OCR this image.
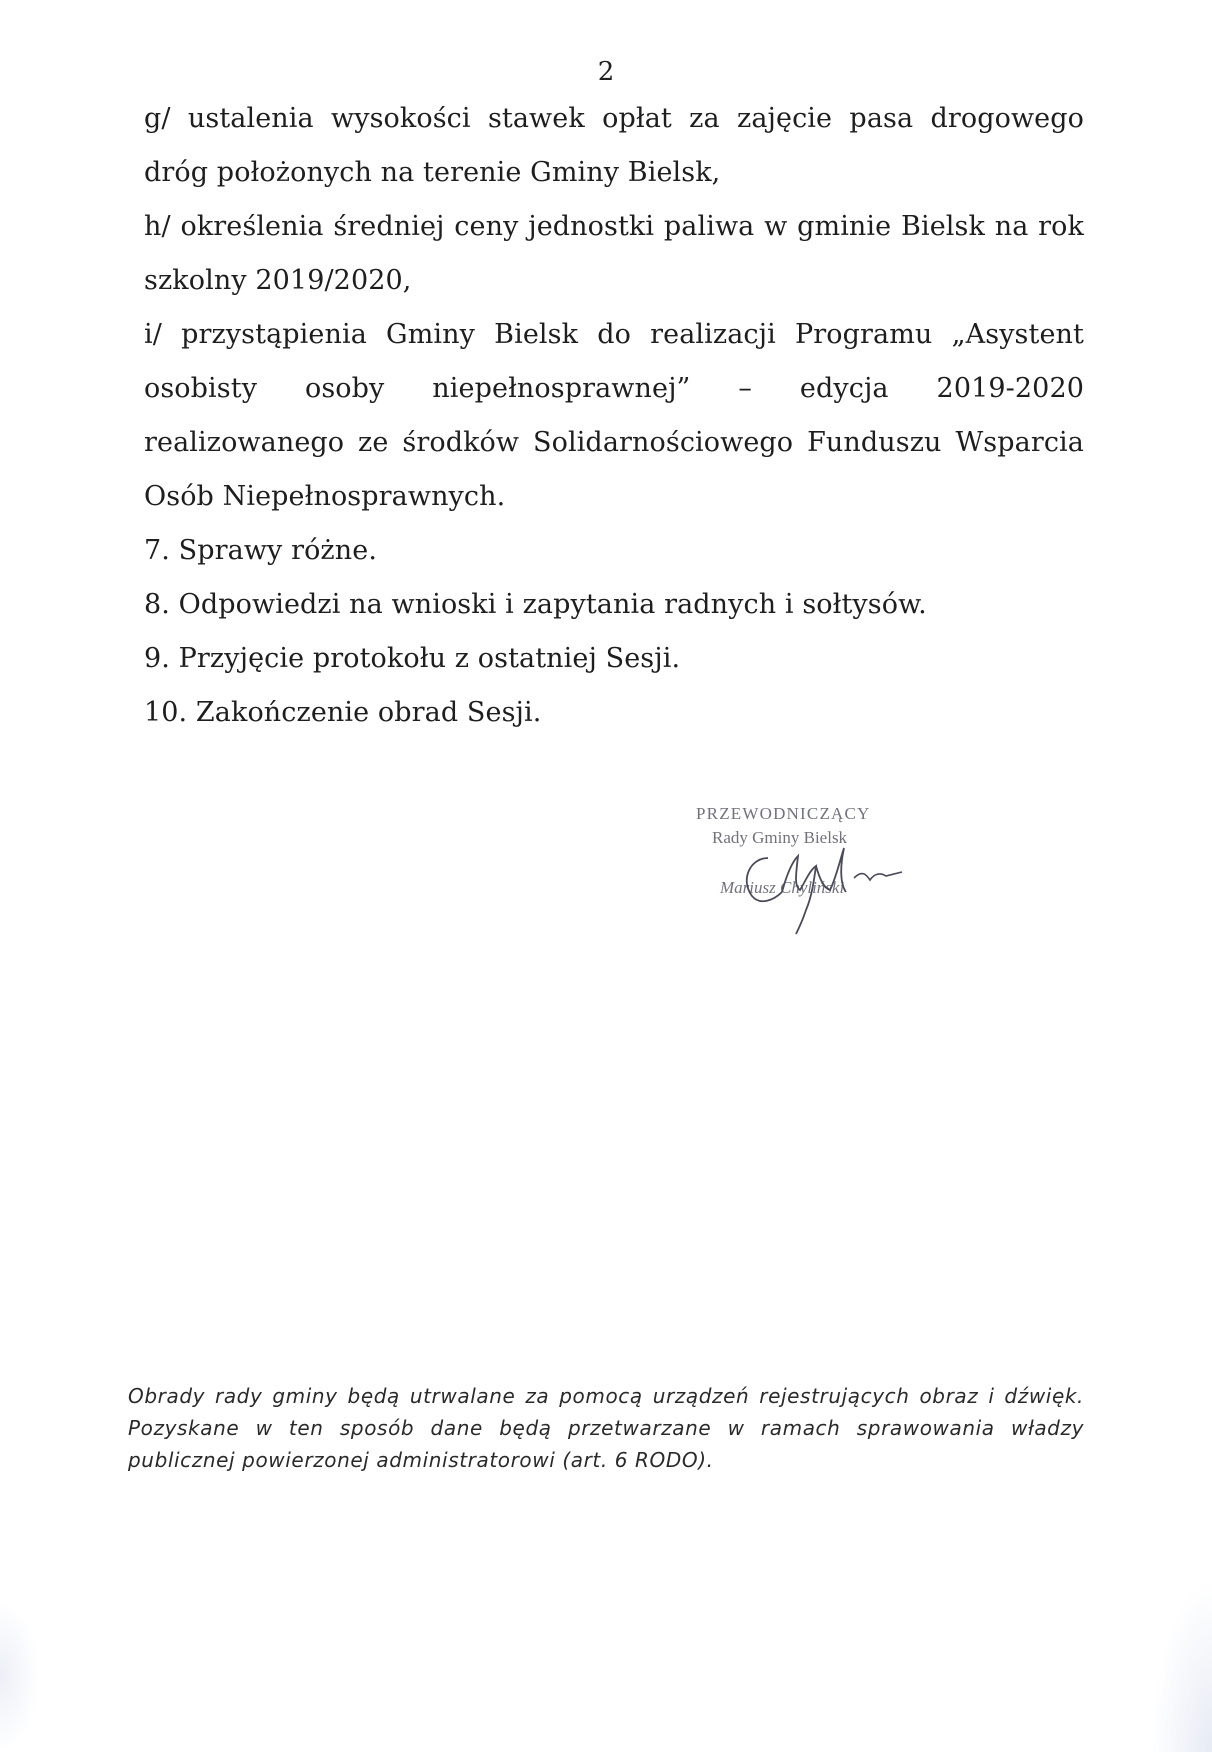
2

g/ ustalenia wysokości stawek opłat za zajęcie pasa drogowego dróg położonych na terenie Gminy Bielsk,

h/ określenia średniej ceny jednostki paliwa w gminie Bielsk na rok szkolny 2019/2020,

i/ przystąpienia Gminy Bielsk do realizacji Programu „Asystent osobisty osoby niepełnosprawnej” – edycja 2019-2020 realizowanego ze środków Solidarnościowego Funduszu Wsparcia Osób Niepełnosprawnych.

7. Sprawy różne.

8. Odpowiedzi na wnioski i zapytania radnych i sołtysów.

9. Przyjęcie protokołu z ostatniej Sesji.

10. Zakończenie obrad Sesji.

PRZEWODNICZĄCY
Rady Gminy Bielsk
Mariusz Chyliński
Obrady rady gminy będą utrwalane za pomocą urządzeń rejestrujących obraz i dźwięk. Pozyskane w ten sposób dane będą przetwarzane w ramach sprawowania władzy publicznej powierzonej administratorowi (art. 6 RODO).
